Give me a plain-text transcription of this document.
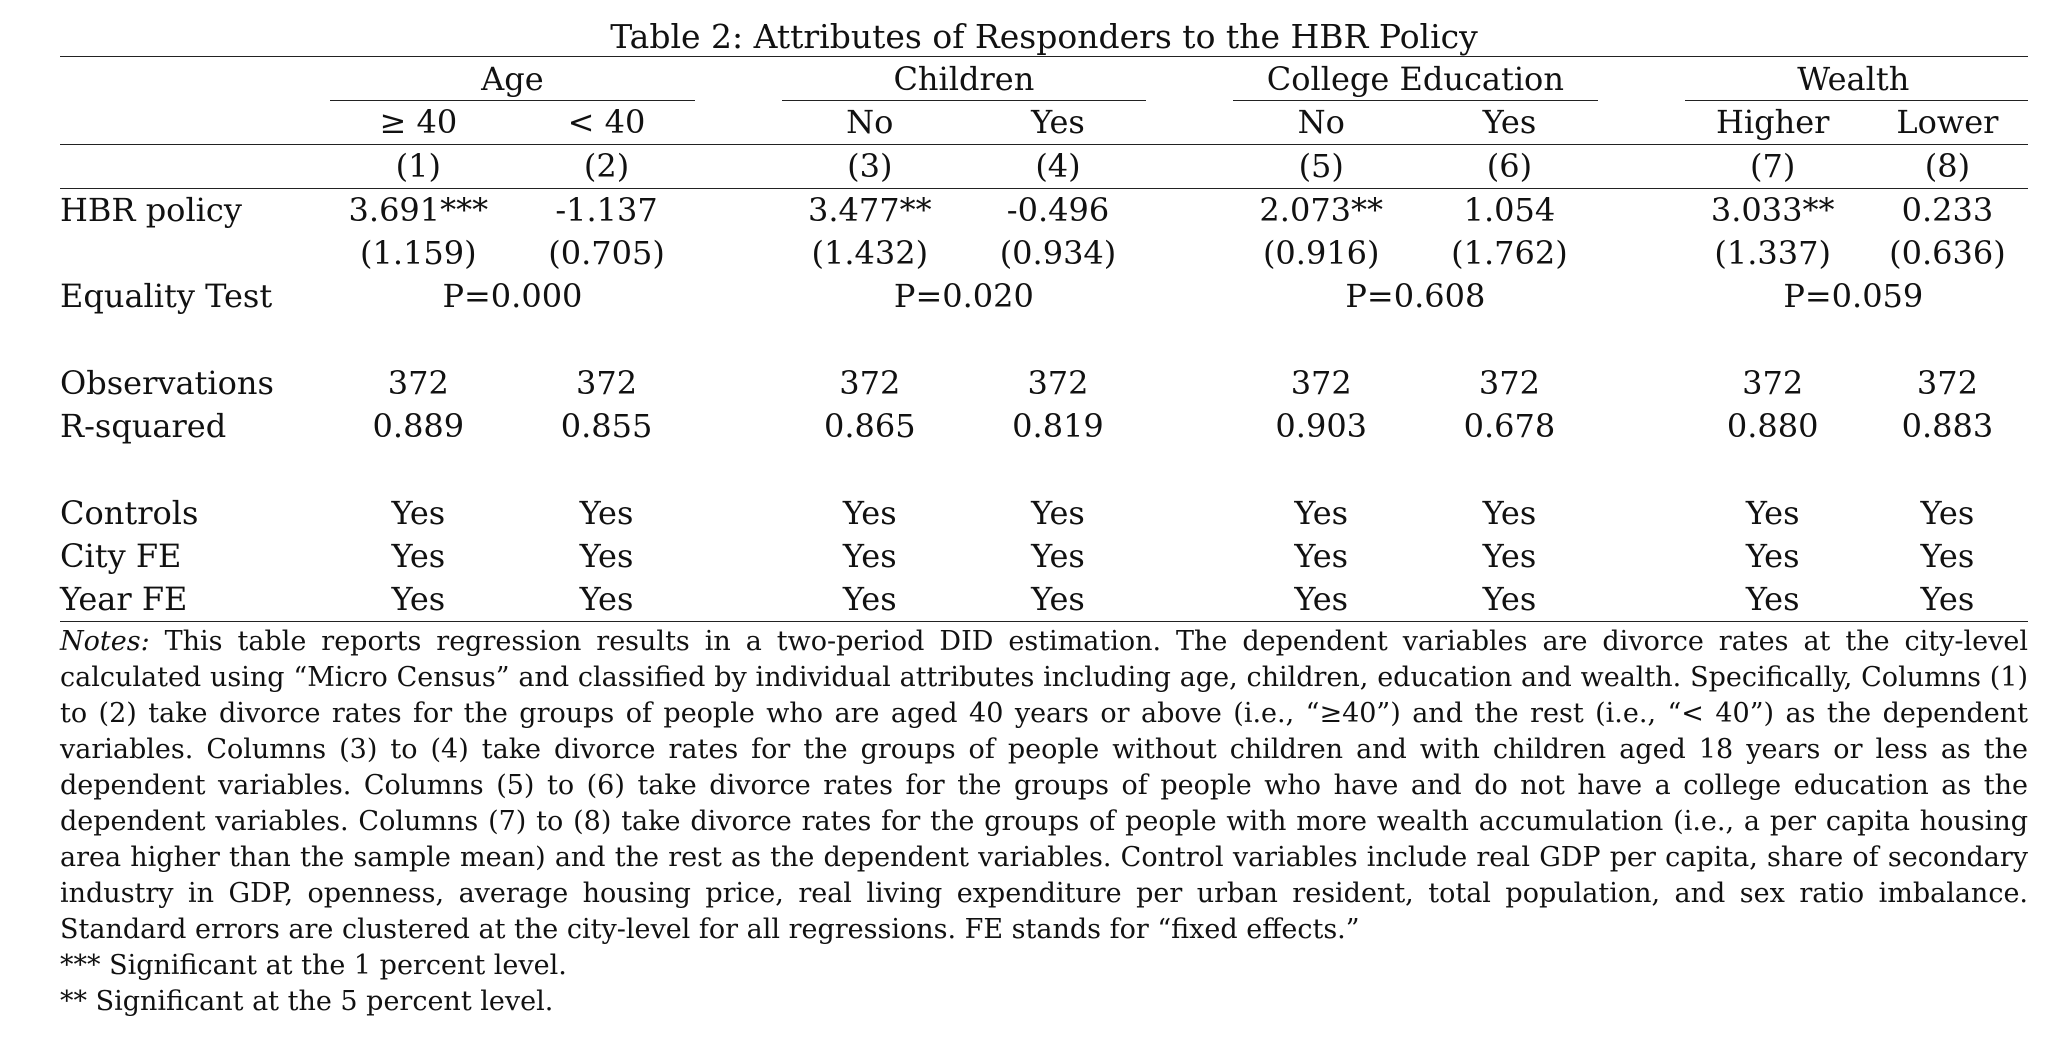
Table 2: Attributes of Responders to the HBR Policy
	Age			Children			College Education			Wealth	

	≥ 40	< 40		No	Yes		No	Yes		Higher	Lower
	(1)	(2)		(3)	(4)		(5)	(6)		(7)	(8)
HBR policy	3.691***	-1.137		3.477**	-0.496		2.073**	1.054		3.033**	0.233
	(1.159)	(0.705)		(1.432)	(0.934)		(0.916)	(1.762)		(1.337)	(0.636)
Equality Test	P=0.000			P=0.020			P=0.608			P=0.059	

Observations	372	372		372	372		372	372		372	372
R-squared	0.889	0.855		0.865	0.819		0.903	0.678		0.880	0.883

Controls	Yes	Yes		Yes	Yes		Yes	Yes		Yes	Yes
City FE	Yes	Yes		Yes	Yes		Yes	Yes		Yes	Yes
Year FE	Yes	Yes		Yes	Yes		Yes	Yes		Yes	Yes
Notes: This table reports regression results in a two-period DID estimation. The dependent variables are divorce rates at the city-level calculated using “Micro Census” and classified by individual attributes including age, children, education and wealth. Specifically, Columns (1) to (2) take divorce rates for the groups of people who are aged 40 years or above (i.e., “≥40”) and the rest (i.e., “< 40”) as the dependent variables. Columns (3) to (4) take divorce rates for the groups of people without children and with children aged 18 years or less as the dependent variables. Columns (5) to (6) take divorce rates for the groups of people who have and do not have a college education as the dependent variables. Columns (7) to (8) take divorce rates for the groups of people with more wealth accumulation (i.e., a per capita housing area higher than the sample mean) and the rest as the dependent variables. Control variables include real GDP per capita, share of secondary industry in GDP, openness, average housing price, real living expenditure per urban resident, total population, and sex ratio imbalance. Standard errors are clustered at the city-level for all regressions. FE stands for “fixed effects.”
*** Significant at the 1 percent level.
** Significant at the 5 percent level.
